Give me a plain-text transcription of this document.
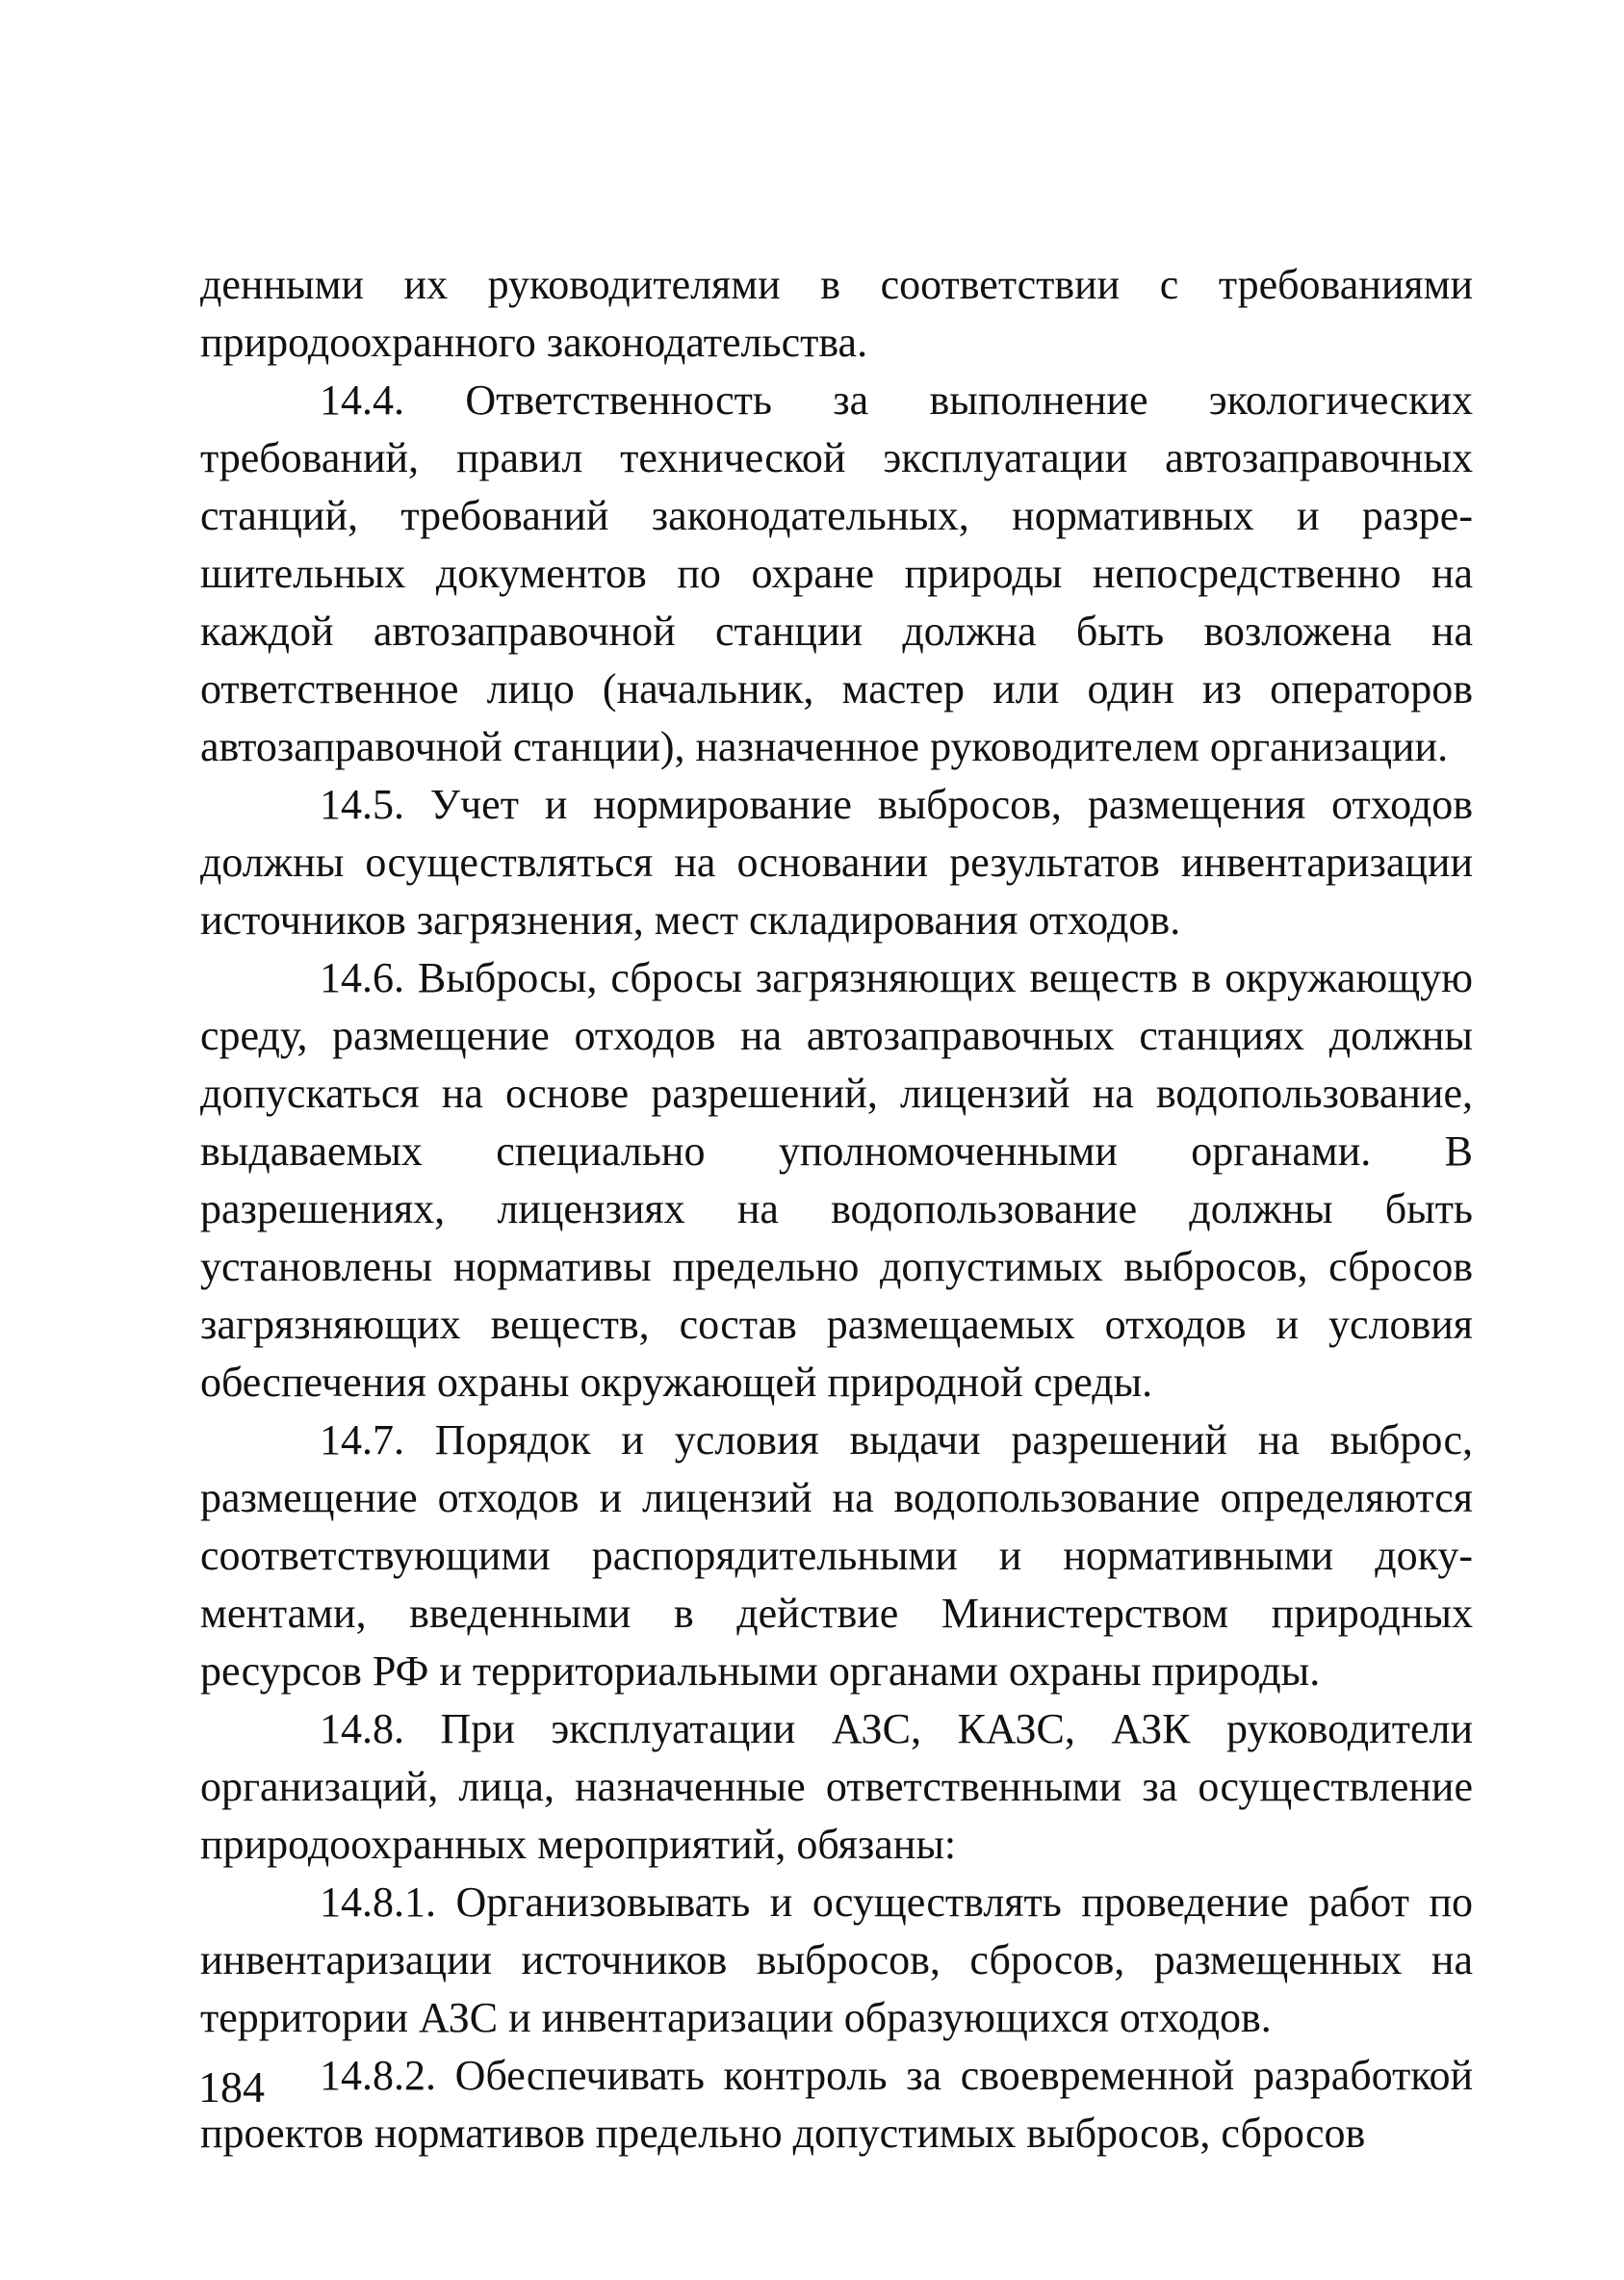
денными их руководителями в соответствии с требованиями природоохранного законодательства.

14.4. Ответственность за выполнение экологических требований, правил технической эксплуатации автозаправочных станций, требований законодательных, нормативных и разрешительных документов по охране природы непосредственно на каждой автозаправочной станции должна быть возложена на ответственное лицо (начальник, мастер или один из операторов автозаправочной станции), назначенное руководителем организации.

14.5. Учет и нормирование выбросов, размещения отходов должны осуществляться на основании результатов инвентаризации источников загрязнения, мест складирования отходов.

14.6. Выбросы, сбросы загрязняющих веществ в окружающую среду, размещение отходов на автозаправочных станциях должны допускаться на основе разрешений, лицензий на водопользование, выдаваемых специально уполномоченными органами. В разрешениях, лицензиях на водопользование должны быть установлены нормативы предельно допустимых выбросов, сбросов загрязняющих веществ, состав размещаемых отходов и условия обеспечения охраны окружающей природной среды.

14.7. Порядок и условия выдачи разрешений на выброс, размещение отходов и лицензий на водопользование определяются соответствующими распорядительными и нормативными документами, введенными в действие Министерством природных ресурсов РФ и территориальными органами охраны природы.

14.8. При эксплуатации АЗС, КАЗС, АЗК руководители организаций, лица, назначенные ответственными за осуществление природоохранных мероприятий, обязаны:

14.8.1. Организовывать и осуществлять проведение работ по инвентаризации источников выбросов, сбросов, размещенных на территории АЗС и инвентаризации образующихся отходов.

14.8.2. Обеспечивать контроль за своевременной разработкой проектов нормативов предельно допустимых выбросов, сбросов

184
